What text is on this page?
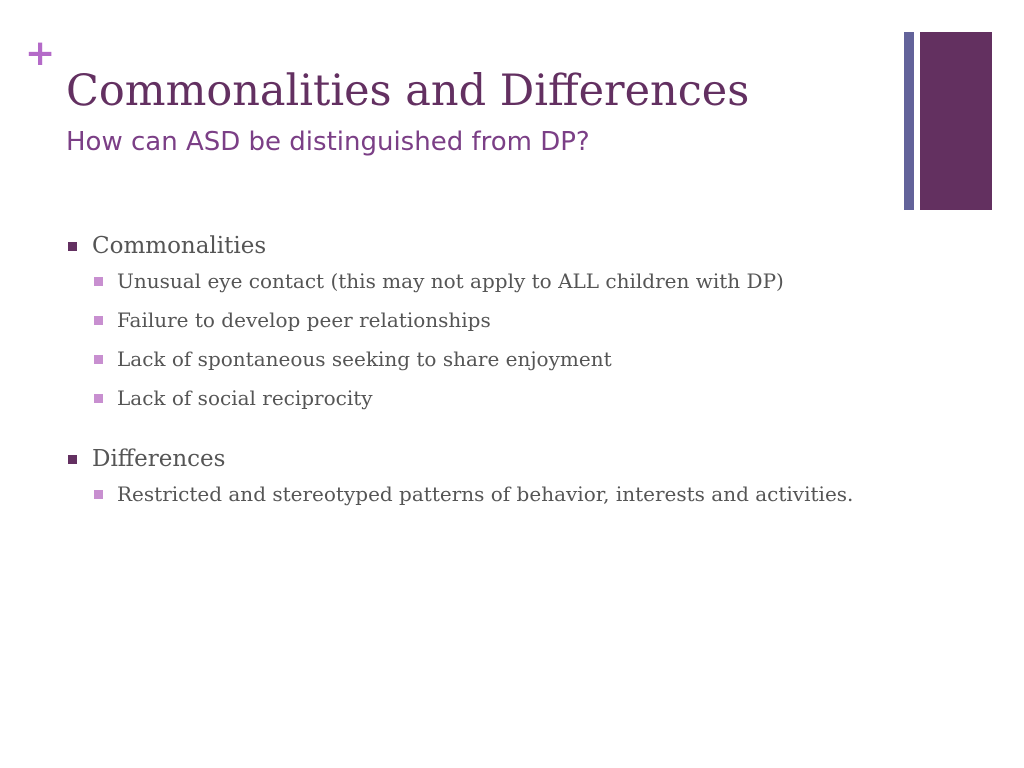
+
Commonalities and Differences
How can ASD be distinguished from DP?
Commonalities
Unusual eye contact (this may not apply to ALL children with DP)
Failure to develop peer relationships
Lack of spontaneous seeking to share enjoyment
Lack of social reciprocity
Differences
Restricted and stereotyped patterns of behavior, interests and activities.
